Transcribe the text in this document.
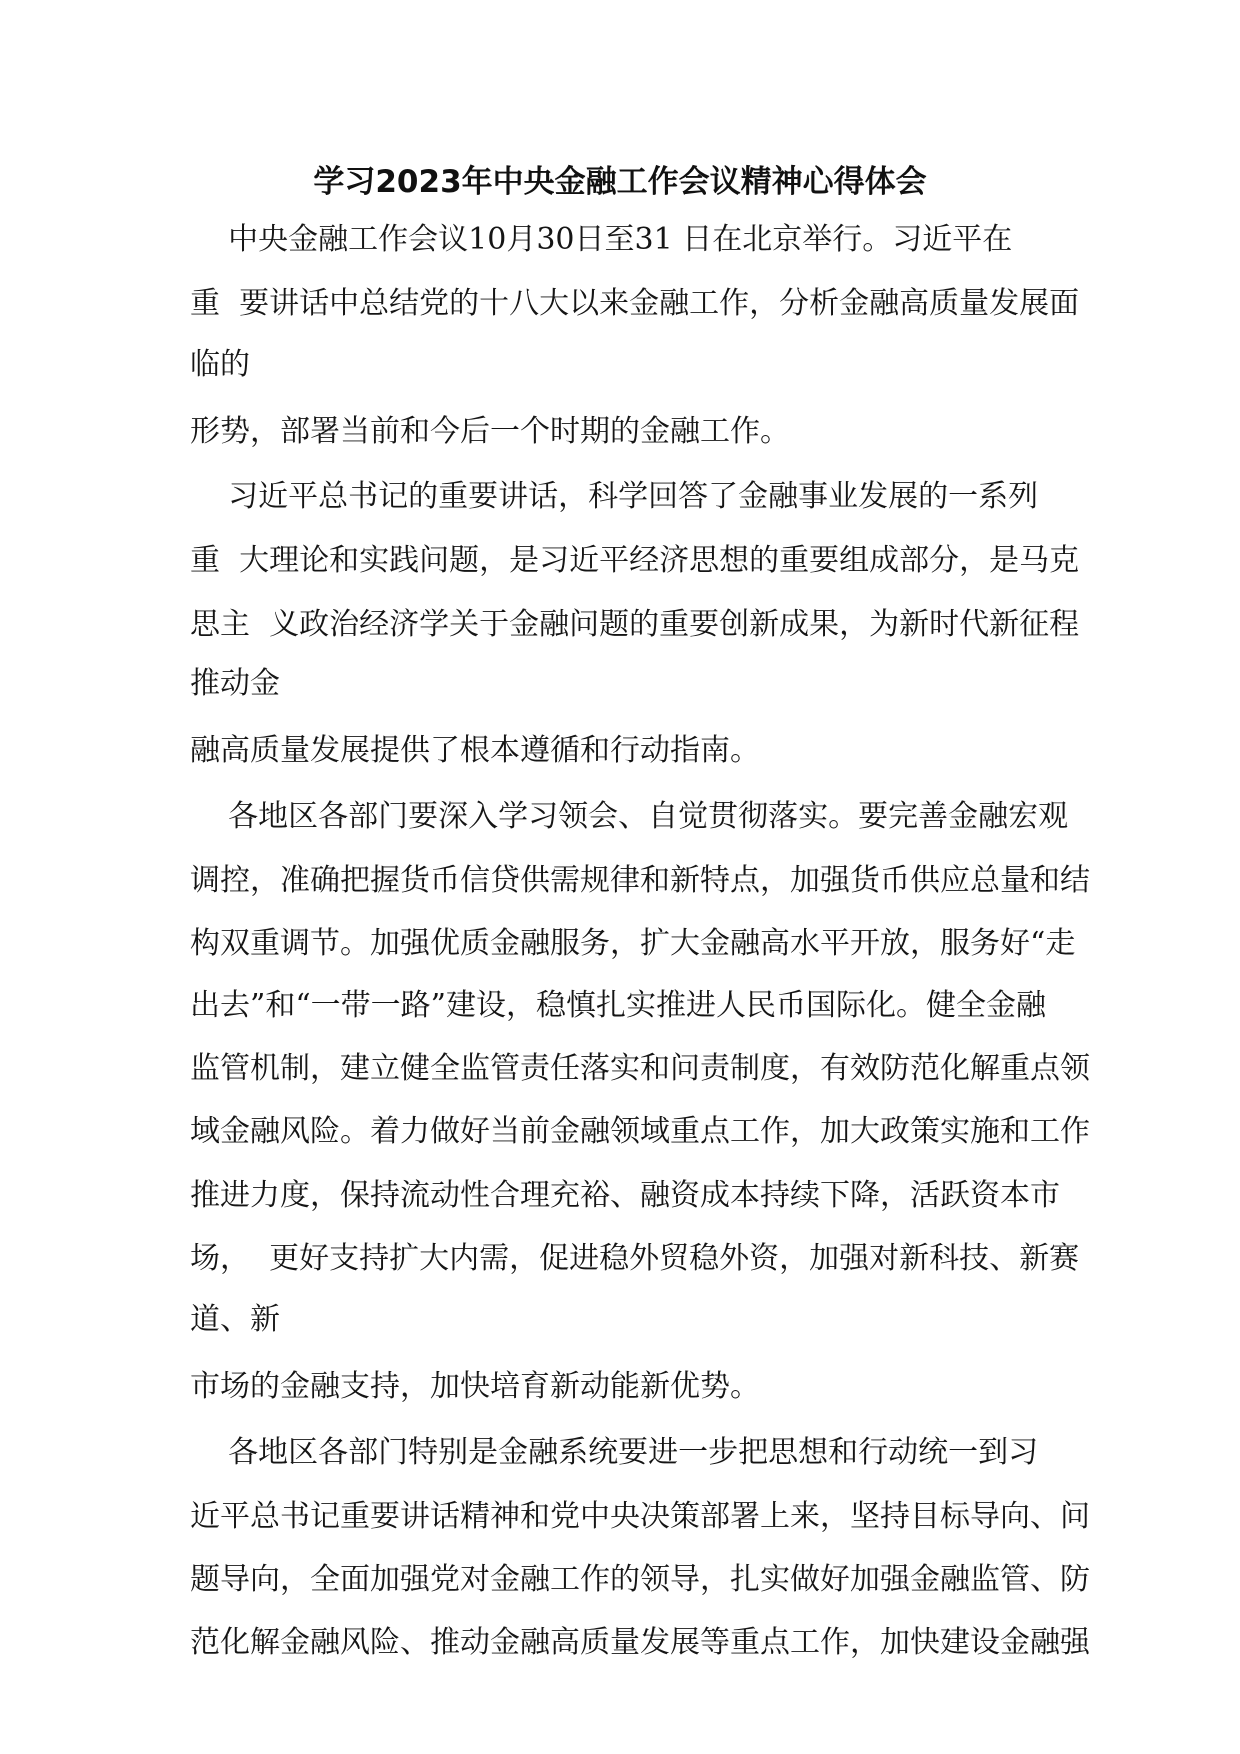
学习2023年中央金融工作会议精神心得体会

中央金融工作会议10月30日至31 日在北京举行。习近平在

重  要讲话中总结党的十八大以来金融工作，分析金融高质量发展面

临的

形势，部署当前和今后一个时期的金融工作。

习近平总书记的重要讲话，科学回答了金融事业发展的一系列

重  大理论和实践问题，是习近平经济思想的重要组成部分，是马克

思主  义政治经济学关于金融问题的重要创新成果，为新时代新征程

推动金

融高质量发展提供了根本遵循和行动指南。

各地区各部门要深入学习领会、自觉贯彻落实。要完善金融宏观

调控，准确把握货币信贷供需规律和新特点，加强货币供应总量和结

构双重调节。加强优质金融服务，扩大金融高水平开放，服务好“走

出去”和“一带一路”建设，稳慎扎实推进人民币国际化。健全金融

监管机制，建立健全监管责任落实和问责制度，有效防范化解重点领

域金融风险。着力做好当前金融领域重点工作，加大政策实施和工作

推进力度，保持流动性合理充裕、融资成本持续下降，活跃资本市

场，  更好支持扩大内需，促进稳外贸稳外资，加强对新科技、新赛

道、新

市场的金融支持，加快培育新动能新优势。

各地区各部门特别是金融系统要进一步把思想和行动统一到习

近平总书记重要讲话精神和党中央决策部署上来，坚持目标导向、问

题导向，全面加强党对金融工作的领导，扎实做好加强金融监管、防

范化解金融风险、推动金融高质量发展等重点工作，加快建设金融强
